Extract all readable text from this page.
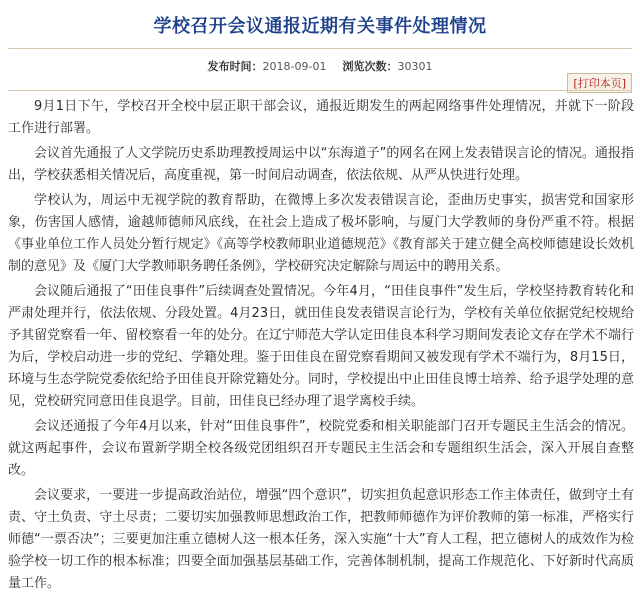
学校召开会议通报近期有关事件处理情况
发布时间：2018-09-01 浏览次数：30301
[打印本页]

9月1日下午，学校召开全校中层正职干部会议，通报近期发生的两起网络事件处理情况，并就下一阶段工作进行部署。

会议首先通报了人文学院历史系助理教授周运中以“东海道子”的网名在网上发表错误言论的情况。通报指出，学校获悉相关情况后，高度重视，第一时间启动调查，依法依规、从严从快进行处理。

学校认为，周运中无视学院的教育帮助，在微博上多次发表错误言论，歪曲历史事实，损害党和国家形象，伤害国人感情，逾越师德师风底线，在社会上造成了极坏影响，与厦门大学教师的身份严重不符。根据《事业单位工作人员处分暂行规定》《高等学校教师职业道德规范》《教育部关于建立健全高校师德建设长效机制的意见》及《厦门大学教师职务聘任条例》，学校研究决定解除与周运中的聘用关系。

会议随后通报了“田佳良事件”后续调查处置情况。今年4月，“田佳良事件”发生后，学校坚持教育转化和严肃处理并行，依法依规、分段处置。4月23日，就田佳良发表错误言论行为，学校有关单位依据党纪校规给予其留党察看一年、留校察看一年的处分。在辽宁师范大学认定田佳良本科学习期间发表论文存在学术不端行为后，学校启动进一步的党纪、学籍处理。鉴于田佳良在留党察看期间又被发现有学术不端行为，8月15日，环境与生态学院党委依纪给予田佳良开除党籍处分。同时，学校提出中止田佳良博士培养、给予退学处理的意见，党校研究同意田佳良退学。目前，田佳良已经办理了退学离校手续。

会议还通报了今年4月以来，针对“田佳良事件”，校院党委和相关职能部门召开专题民主生活会的情况。就这两起事件，会议布置新学期全校各级党团组织召开专题民主生活会和专题组织生活会，深入开展自查整改。

会议要求，一要进一步提高政治站位，增强“四个意识”，切实担负起意识形态工作主体责任，做到守土有责、守土负责、守土尽责；二要切实加强教师思想政治工作，把教师师德作为评价教师的第一标准，严格实行师德“一票否决”；三要更加注重立德树人这一根本任务，深入实施“十大”育人工程，把立德树人的成效作为检验学校一切工作的根本标准；四要全面加强基层基础工作，完善体制机制，提高工作规范化、下好新时代高质量工作。
